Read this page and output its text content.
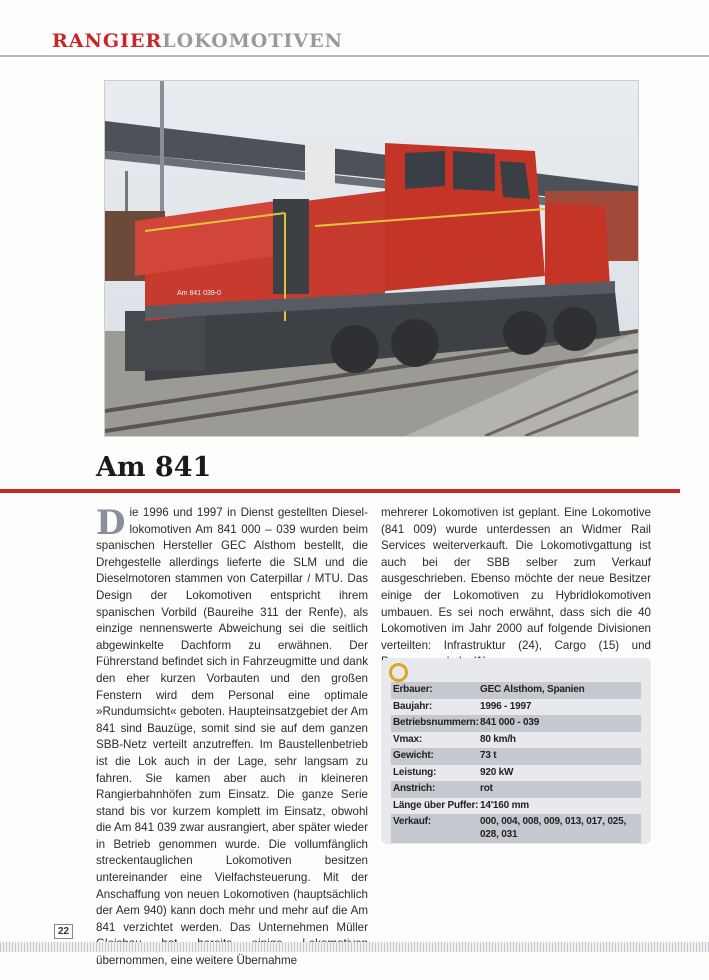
RANGIERLOKOMOTIVEN
Am 841 039-0
Am 841
Die 1996 und 1997 in Dienst gestellten Diesellokomotiven Am 841 000 – 039 wurden beim spanischen Hersteller GEC Alsthom bestellt, die Drehgestelle allerdings lieferte die SLM und die Dieselmotoren stammen von Caterpillar / MTU. Das Design der Lokomotiven entspricht ihrem spanischen Vorbild (Baureihe 311 der Renfe), als einzige nennenswerte Abweichung sei die seitlich abgewinkelte Dachform zu erwähnen. Der Führerstand befindet sich in Fahrzeugmitte und dank den eher kurzen Vorbauten und den großen Fenstern wird dem Personal eine optimale »Rundumsicht« geboten. Haupteinsatzgebiet der Am 841 sind Bauzüge, somit sind sie auf dem ganzen SBB-Netz verteilt anzutreffen. Im Baustellenbetrieb ist die Lok auch in der Lage, sehr langsam zu fahren. Sie kamen aber auch in kleineren Rangierbahnhöfen zum Einsatz. Die ganze Serie stand bis vor kurzem komplett im Einsatz, obwohl die Am 841 039 zwar ausrangiert, aber später wieder in Betrieb genommen wurde. Die vollumfänglich streckentauglichen Lokomotiven besitzen untereinander eine Vielfachsteuerung. Mit der Anschaffung von neuen Lokomotiven (hauptsächlich der Aem 940) kann doch mehr und mehr auf die Am 841 verzichtet werden. Das Unternehmen Müller übernommen, eine weitere Übernahme
mehrerer Lokomotiven ist geplant. Eine Lokomotive (841 009) wurde unterdessen an Widmer Rail Services weiterverkauft. Die Lokomotivgattung ist auch bei der SBB selber zum Verkauf ausgeschrieben. Ebenso möchte der neue Besitzer einige der Lokomotiven zu Hybridlokomotiven umbauen. Es sei noch erwähnt, dass sich die 40 Lokomotiven im Jahr 2000 auf folgende Divisionen verteilten: Infrastruktur (24), Cargo (15) und
Erbauer:	GEC Alsthom, Spanien
Baujahr:	1996 - 1997
Betriebsnummern: 841 000 - 039
Vmax:	80 km/h
Gewicht:	73 t
Leistung:	920 kW
Anstrich:	rot
Länge über Puffer: 14'160 mm
Verkauf:	000, 004, 008, 009, 013, 017, 025, 028, 031
22
